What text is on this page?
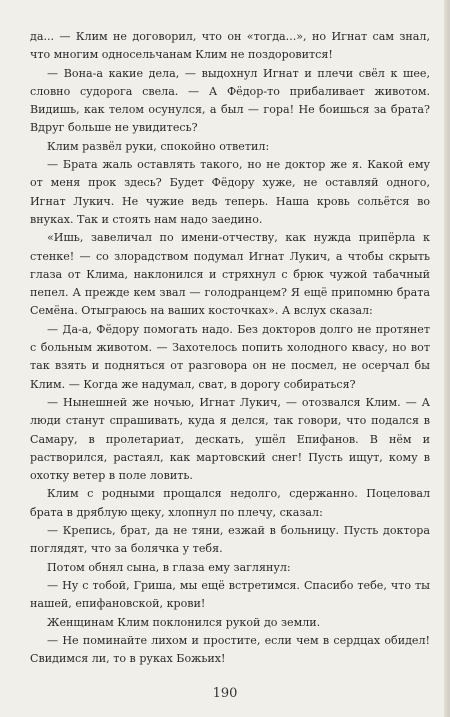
да... — Клим не договорил, что он «тогда...», но Игнат сам знал, что многим односельчанам Клим не поздоровится!

— Вона-а какие дела, — выдохнул Игнат и плечи свёл к шее, словно судорога свела. — А Фёдор-то прибаливает животом. Видишь, как телом осунулся, а был — гора! Не боишься за брата? Вдруг больше не увидитесь?

Клим развёл руки, спокойно ответил:

— Брата жаль оставлять такого, но не доктор же я. Какой ему от меня прок здесь? Будет Фёдору хуже, не оставляй одного, Игнат Лукич. Не чужие ведь теперь. Наша кровь сольётся во внуках. Так и стоять нам надо заедино.

«Ишь, завеличал по имени-отчеству, как нужда припёрла к стенке! — со злорадством подумал Игнат Лукич, а чтобы скрыть глаза от Клима, наклонился и стряхнул с брюк чужой табачный пепел. А прежде кем звал — голодранцем? Я ещё припомню брата Семёна. Отыграюсь на ваших косточках». А вслух сказал:

— Да-а, Фёдору помогать надо. Без докторов долго не протянет с больным животом. — Захотелось попить холодного квасу, но вот так взять и подняться от разговора он не посмел, не осерчал бы Клим. — Когда же надумал, сват, в дорогу собираться?

— Нынешней же ночью, Игнат Лукич, — отозвался Клим. — А люди станут спрашивать, куда я делся, так говори, что подался в Самару, в пролетариат, дескать, ушёл Епифанов. В нём и растворился, растаял, как мартовский снег! Пусть ищут, кому в охотку ветер в поле ловить.

Клим с родными прощался недолго, сдержанно. Поцеловал брата в дряблую щеку, хлопнул по плечу, сказал:

— Крепись, брат, да не тяни, езжай в больницу. Пусть доктора поглядят, что за болячка у тебя.

Потом обнял сына, в глаза ему заглянул:

— Ну с тобой, Гриша, мы ещё встретимся. Спасибо тебе, что ты нашей, епифановской, крови!

Женщинам Клим поклонился рукой до земли.

— Не поминайте лихом и простите, если чем в сердцах обидел! Свидимся ли, то в руках Божьих!

190
